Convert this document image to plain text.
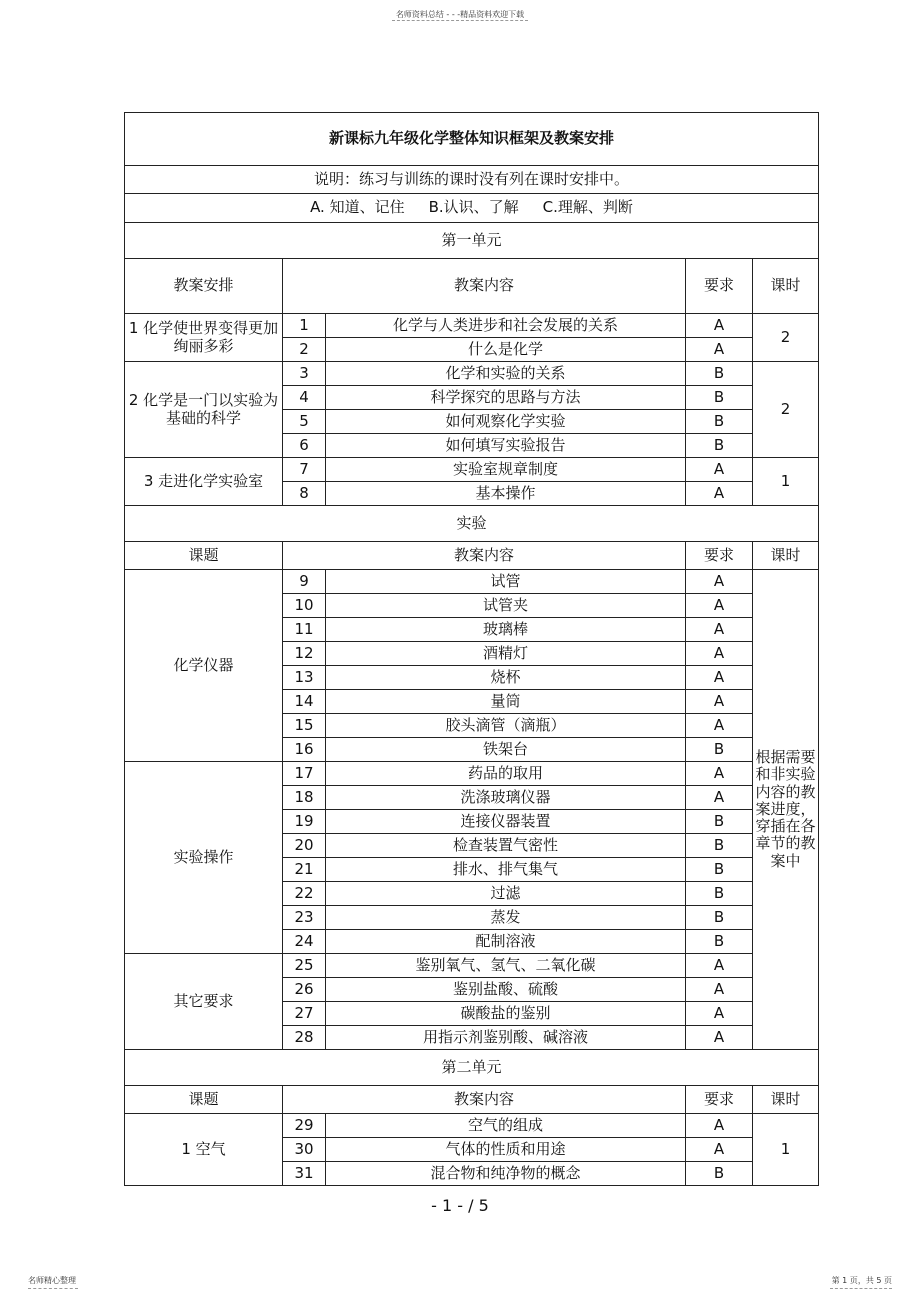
名师资料总结 - - -精品资料欢迎下载
新课标九年级化学整体知识框架及教案安排				
说明：练习与训练的课时没有列在课时安排中。				
A. 知道、记住 B.认识、了解 C.理解、判断				
第一单元				
教案安排	教案内容		要求	课时
1 化学使世界变得更加绚丽多彩	1	化学与人类进步和社会发展的关系	A	2
	2	什么是化学	A	
2 化学是一门以实验为基础的科学	3	化学和实验的关系	B	2
	4	科学探究的思路与方法	B	
	5	如何观察化学实验	B	
	6	如何填写实验报告	B	
3 走进化学实验室	7	实验室规章制度	A	1
	8	基本操作	A	
实验				
课题	教案内容		要求	课时
化学仪器	9	试管	A	根据需要和非实验内容的教案进度，穿插在各章节的教案中
	10	试管夹	A	
	11	玻璃棒	A	
	12	酒精灯	A	
	13	烧杯	A	
	14	量筒	A	
	15	胶头滴管（滴瓶）	A	
	16	铁架台	B	
实验操作	17	药品的取用	A	
	18	洗涤玻璃仪器	A	
	19	连接仪器装置	B	
	20	检查装置气密性	B	
	21	排水、排气集气	B	
	22	过滤	B	
	23	蒸发	B	
	24	配制溶液	B	
其它要求	25	鉴别氧气、氢气、二氧化碳	A	
	26	鉴别盐酸、硫酸	A	
	27	碳酸盐的鉴别	A	
	28	用指示剂鉴别酸、碱溶液	A	
第二单元				
课题	教案内容		要求	课时
1 空气	29	空气的组成	A	1
	30	气体的性质和用途	A	
	31	混合物和纯净物的概念	B	
- 1 - / 5
名师精心整理	第 1 页，共 5 页
